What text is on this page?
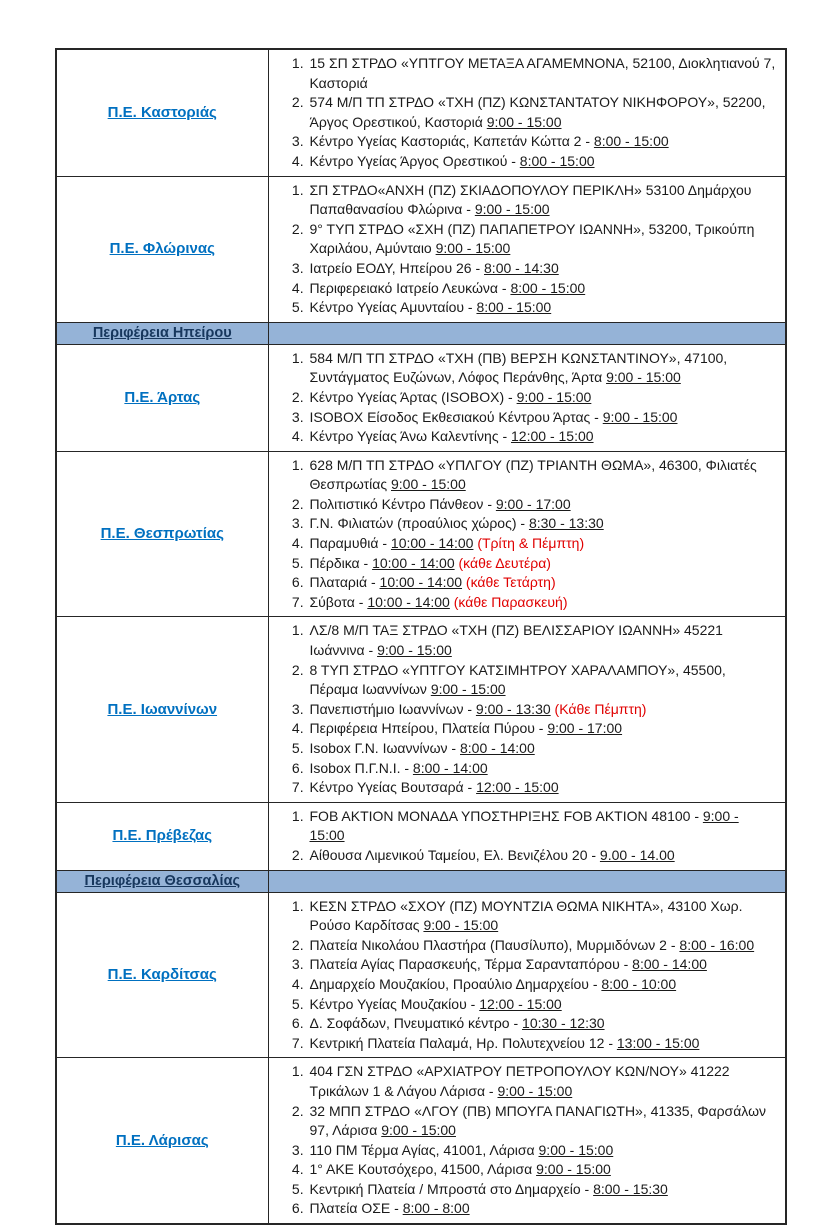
Π.Ε. Καστοριάς	
1. 15 ΣΠ ΣΤΡΔΟ «ΥΠΤΓΟΥ ΜΕΤΑΞΑ ΑΓΑΜΕΜΝΟΝΑ, 52100, Διοκλητιανού 7, Καστοριά
2. 574 Μ/Π ΤΠ ΣΤΡΔΟ «ΤΧΗ (ΠΖ) ΚΩΝΣΤΑΝΤΑΤΟΥ ΝΙΚΗΦΟΡΟΥ», 52200, Άργος Ορεστικού, Καστοριά 9:00 - 15:00
3. Κέντρο Υγείας Καστοριάς, Καπετάν Κώττα 2 - 8:00 - 15:00
4. Κέντρο Υγείας Άργος Ορεστικού - 8:00 - 15:00

Π.Ε. Φλώρινας	
1. ΣΠ ΣΤΡΔΟ«ΑΝΧΗ (ΠΖ) ΣΚΙΑΔΟΠΟΥΛΟΥ ΠΕΡΙΚΛΗ» 53100 Δημάρχου Παπαθανασίου Φλώρινα - 9:00 - 15:00
2. 9° ΤΥΠ ΣΤΡΔΟ «ΣΧΗ (ΠΖ) ΠΑΠΑΠΕΤΡΟΥ ΙΩΑΝΝΗ», 53200, Τρικούπη Χαριλάου, Αμύνταιο 9:00 - 15:00
3. Ιατρείο ΕΟΔΥ, Ηπείρου 26 - 8:00 - 14:30
4. Περιφερειακό Ιατρείο Λευκώνα - 8:00 - 15:00
5. Κέντρο Υγείας Αμυνταίου - 8:00 - 15:00

Περιφέρεια Ηπείρου	
Π.Ε. Άρτας	
1. 584 Μ/Π ΤΠ ΣΤΡΔΟ «ΤΧΗ (ΠΒ) ΒΕΡΣΗ ΚΩΝΣΤΑΝΤΙΝΟΥ», 47100, Συντάγματος Ευζώνων, Λόφος Περάνθης, Άρτα 9:00 - 15:00
2. Κέντρο Υγείας Άρτας (ISOBOX) - 9:00 - 15:00
3. ISOBOX Είσοδος Εκθεσιακού Κέντρου Άρτας - 9:00 - 15:00
4. Κέντρο Υγείας Άνω Καλεντίνης - 12:00 - 15:00

Π.Ε. Θεσπρωτίας	
1. 628 Μ/Π ΤΠ ΣΤΡΔΟ «ΥΠΛΓΟΥ (ΠΖ) ΤΡΙΑΝΤΗ ΘΩΜΑ», 46300, Φιλιατές Θεσπρωτίας 9:00 - 15:00
2. Πολιτιστικό Κέντρο Πάνθεον - 9:00 - 17:00
3. Γ.Ν. Φιλιατών (προαύλιος χώρος) - 8:30 - 13:30
4. Παραμυθιά - 10:00 - 14:00 (Τρίτη & Πέμπτη)
5. Πέρδικα - 10:00 - 14:00 (κάθε Δευτέρα)
6. Πλαταριά - 10:00 - 14:00 (κάθε Τετάρτη)
7. Σύβοτα - 10:00 - 14:00 (κάθε Παρασκευή)

Π.Ε. Ιωαννίνων	
1. ΛΣ/8 Μ/Π ΤΑΞ ΣΤΡΔΟ «ΤΧΗ (ΠΖ) ΒΕΛΙΣΣΑΡΙΟΥ ΙΩΑΝΝΗ» 45221 Ιωάννινα - 9:00 - 15:00
2. 8 ΤΥΠ ΣΤΡΔΟ «ΥΠΤΓΟΥ ΚΑΤΣΙΜΗΤΡΟΥ ΧΑΡΑΛΑΜΠΟΥ», 45500, Πέραμα Ιωαννίνων 9:00 - 15:00
3. Πανεπιστήμιο Ιωαννίνων - 9:00 - 13:30 (Κάθε Πέμπτη)
4. Περιφέρεια Ηπείρου, Πλατεία Πύρου - 9:00 - 17:00
5. Isobox Γ.Ν. Ιωαννίνων - 8:00 - 14:00
6. Isobox Π.Γ.Ν.Ι. - 8:00 - 14:00
7. Κέντρο Υγείας Βουτσαρά - 12:00 - 15:00

Π.Ε. Πρέβεζας	
1. FOB AKTION ΜΟΝΑΔΑ ΥΠΟΣΤΗΡΙΞΗΣ FOB AKTION 48100 - 9:00 - 15:00
2. Αίθουσα Λιμενικού Ταμείου, Ελ. Βενιζέλου 20 - 9.00 - 14.00

Περιφέρεια Θεσσαλίας	
Π.Ε. Καρδίτσας	
1. ΚΕΣΝ ΣΤΡΔΟ «ΣΧΟΥ (ΠΖ) ΜΟΥΝΤΖΙΑ ΘΩΜΑ ΝΙΚΗΤΑ», 43100 Χωρ. Ρούσο Καρδίτσας 9:00 - 15:00
2. Πλατεία Νικολάου Πλαστήρα (Παυσίλυπο), Μυρμιδόνων 2 - 8:00 - 16:00
3. Πλατεία Αγίας Παρασκευής, Τέρμα Σαρανταπόρου - 8:00 - 14:00
4. Δημαρχείο Μουζακίου, Προαύλιο Δημαρχείου - 8:00 - 10:00
5. Κέντρο Υγείας Μουζακίου - 12:00 - 15:00
6. Δ. Σοφάδων, Πνευματικό κέντρο - 10:30 - 12:30
7. Κεντρική Πλατεία Παλαμά, Ηρ. Πολυτεχνείου 12 - 13:00 - 15:00

Π.Ε. Λάρισας	
1. 404 ΓΣΝ ΣΤΡΔΟ «ΑΡΧΙΑΤΡΟΥ ΠΕΤΡΟΠΟΥΛΟΥ ΚΩΝ/ΝΟΥ» 41222 Τρικάλων 1 & Λάγου Λάρισα - 9:00 - 15:00
2. 32 ΜΠΠ ΣΤΡΔΟ «ΛΓΟΥ (ΠΒ) ΜΠΟΥΓΑ ΠΑΝΑΓΙΩΤΗ», 41335, Φαρσάλων 97, Λάρισα 9:00 - 15:00
3. 110 ΠΜ Τέρμα Αγίας, 41001, Λάρισα 9:00 - 15:00
4. 1° ΑΚΕ Κουτσόχερο, 41500, Λάρισα 9:00 - 15:00
5. Κεντρική Πλατεία / Μπροστά στο Δημαρχείο - 8:00 - 15:30
6. Πλατεία ΟΣΕ - 8:00 - 8:00
